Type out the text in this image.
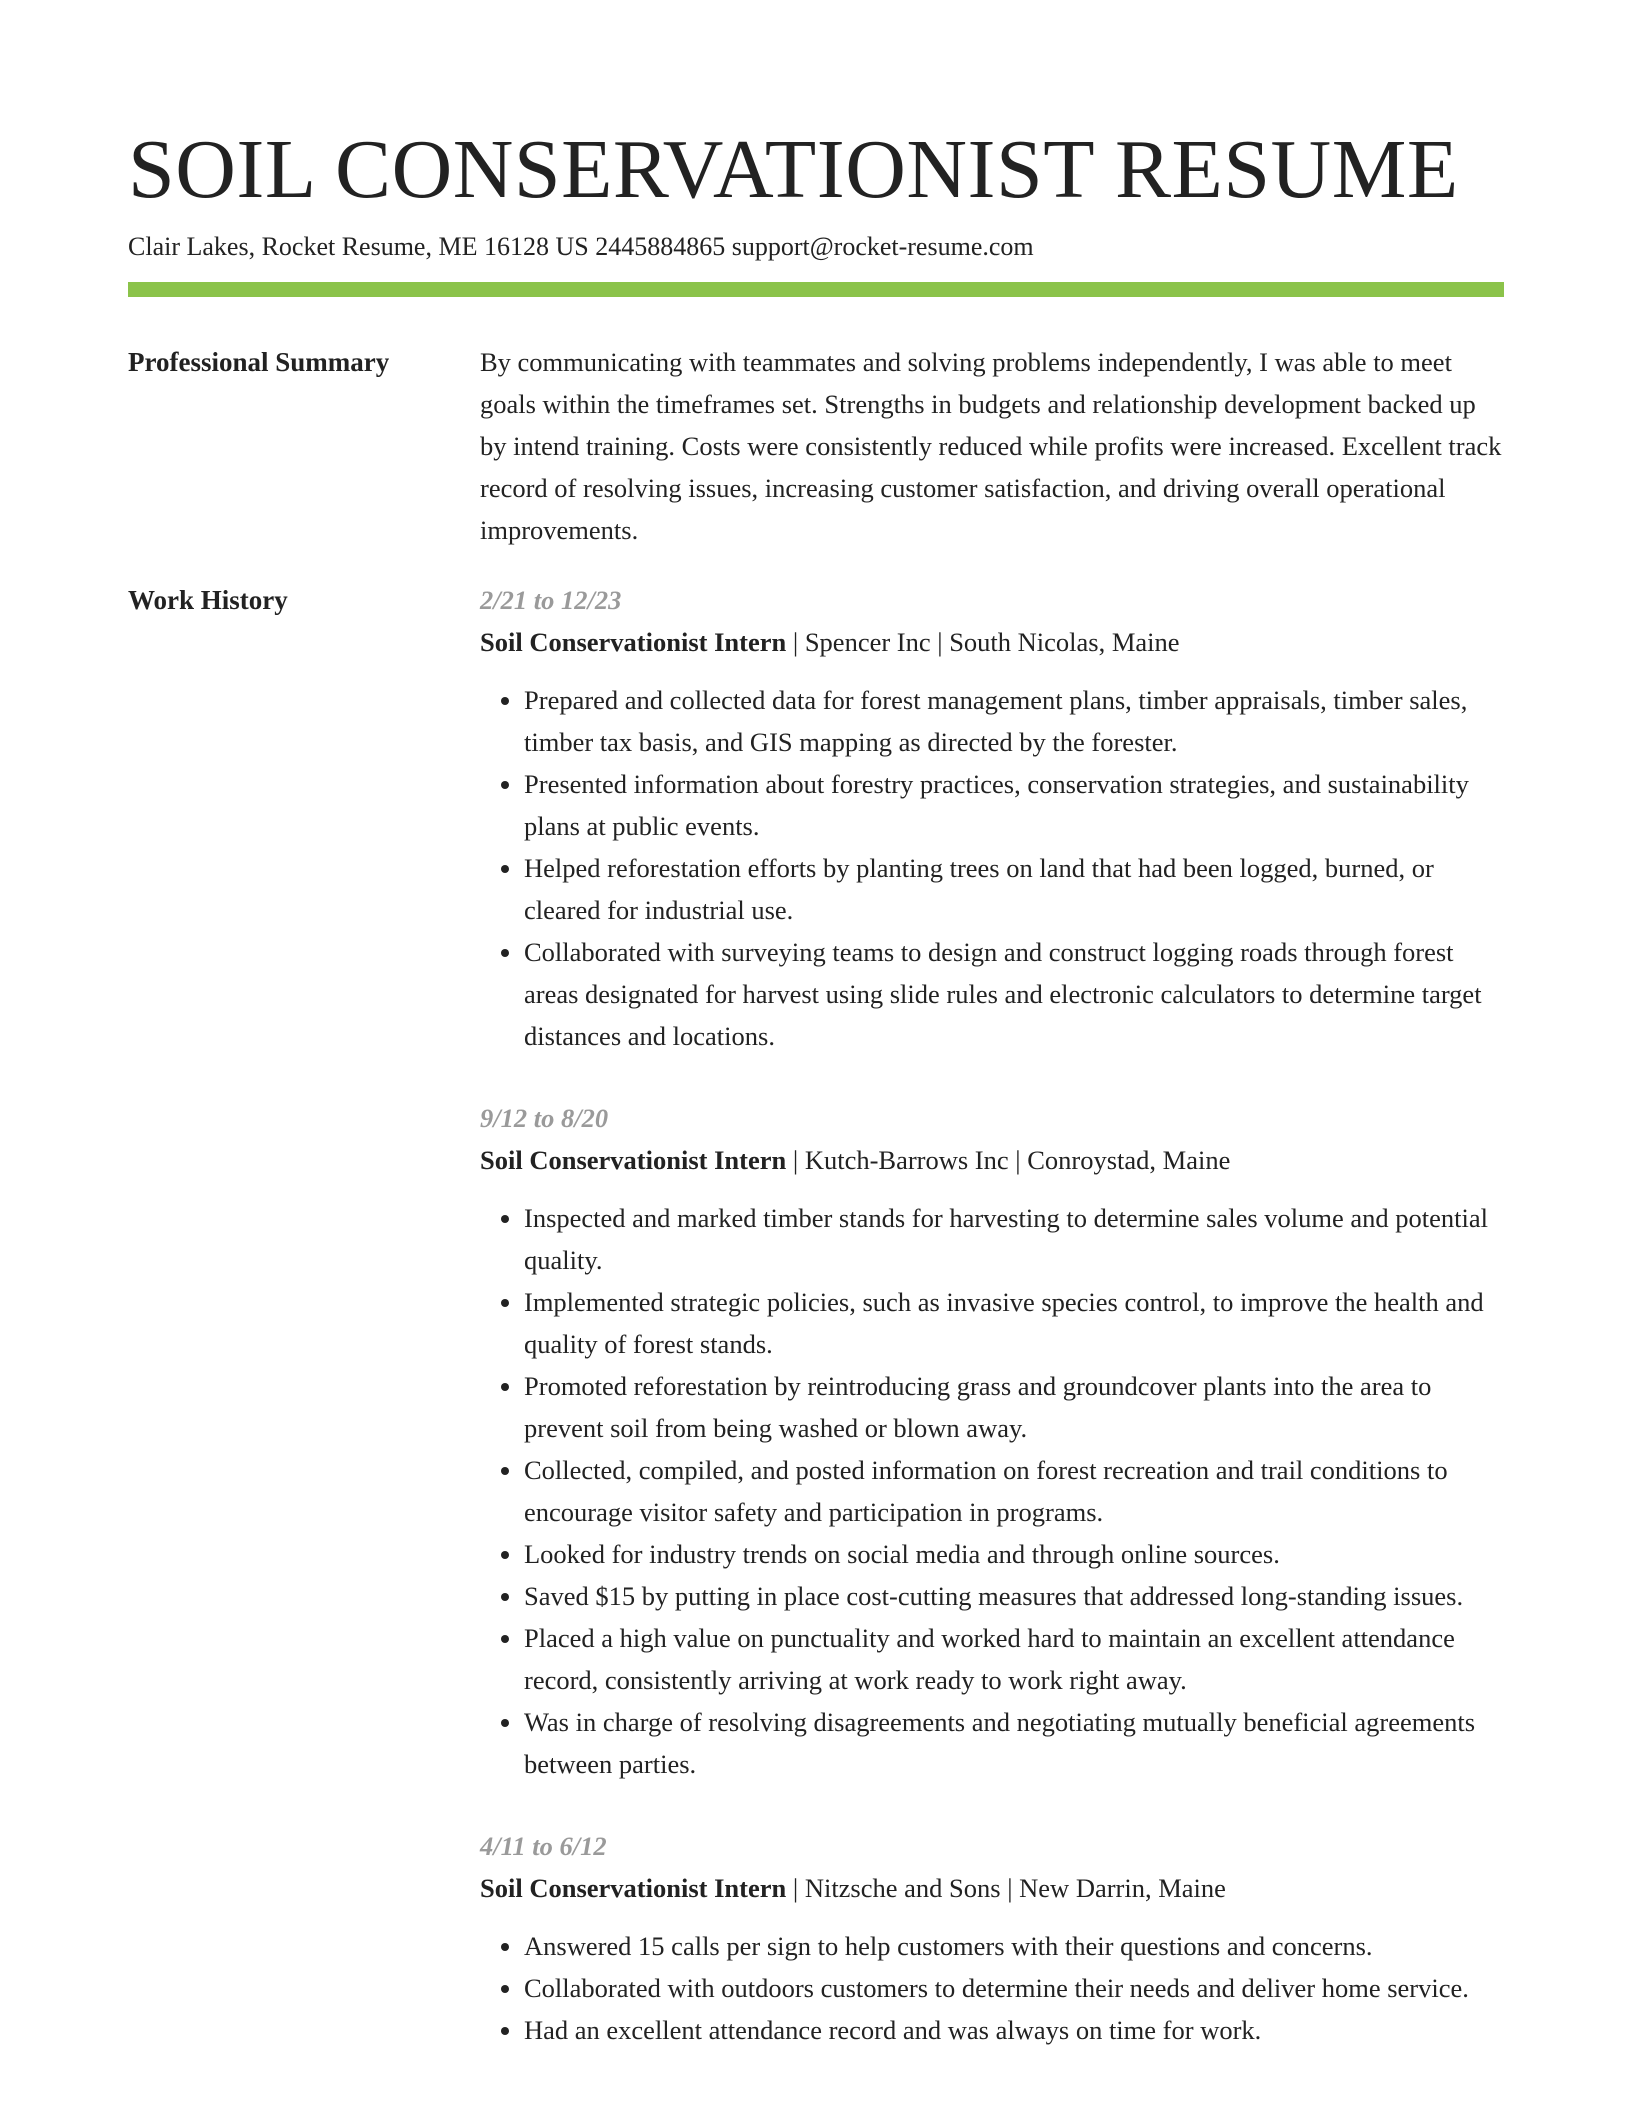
SOIL CONSERVATIONIST RESUME
Clair Lakes, Rocket Resume, ME 16128 US 2445884865 support@rocket-resume.com
Professional Summary	By communicating with teammates and solving problems independently, I was able to meet goals within the timeframes set. Strengths in budgets and relationship development backed up by intend training. Costs were consistently reduced while profits were increased. Excellent track record of resolving issues, increasing customer satisfaction, and driving overall operational improvements.

Work History	2/21 to 12/23
Soil Conservationist Intern | Spencer Inc | South Nicolas, Maine
• Prepared and collected data for forest management plans, timber appraisals, timber sales, timber tax basis, and GIS mapping as directed by the forester.
• Presented information about forestry practices, conservation strategies, and sustainability plans at public events.
• Helped reforestation efforts by planting trees on land that had been logged, burned, or cleared for industrial use.
• Collaborated with surveying teams to design and construct logging roads through forest areas designated for harvest using slide rules and electronic calculators to determine target distances and locations.
9/12 to 8/20
Soil Conservationist Intern | Kutch-Barrows Inc | Conroystad, Maine
• Inspected and marked timber stands for harvesting to determine sales volume and potential quality.
• Implemented strategic policies, such as invasive species control, to improve the health and quality of forest stands.
• Promoted reforestation by reintroducing grass and groundcover plants into the area to prevent soil from being washed or blown away.
• Collected, compiled, and posted information on forest recreation and trail conditions to encourage visitor safety and participation in programs.
• Looked for industry trends on social media and through online sources.
• Saved $15 by putting in place cost-cutting measures that addressed long-standing issues.
• Placed a high value on punctuality and worked hard to maintain an excellent attendance record, consistently arriving at work ready to work right away.
• Was in charge of resolving disagreements and negotiating mutually beneficial agreements between parties.
4/11 to 6/12
Soil Conservationist Intern | Nitzsche and Sons | New Darrin, Maine
• Answered 15 calls per sign to help customers with their questions and concerns.
• Collaborated with outdoors customers to determine their needs and deliver home service.
• Had an excellent attendance record and was always on time for work.
